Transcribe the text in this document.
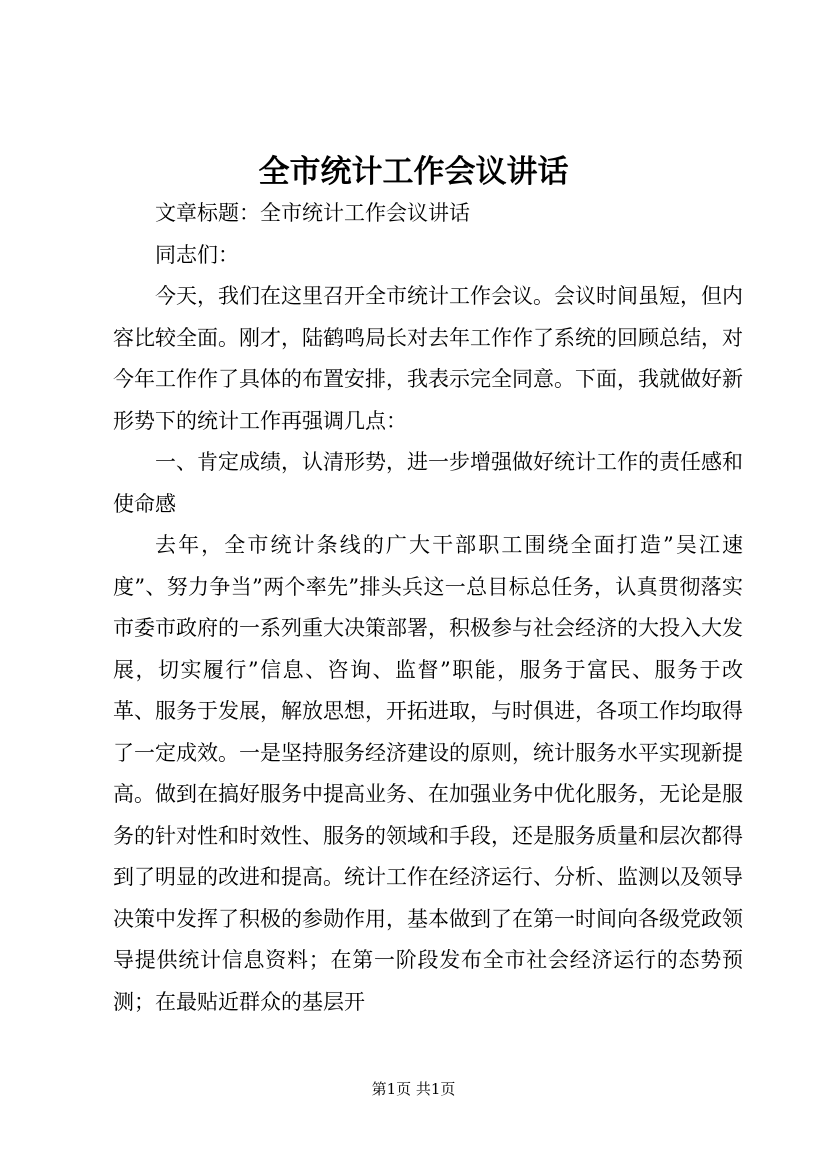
全市统计工作会议讲话

文章标题：全市统计工作会议讲话

同志们：

今天，我们在这里召开全市统计工作会议。会议时间虽短，但内容比较全面。刚才，陆鹤鸣局长对去年工作作了系统的回顾总结，对今年工作作了具体的布置安排，我表示完全同意。下面，我就做好新形势下的统计工作再强调几点：

一、肯定成绩，认清形势，进一步增强做好统计工作的责任感和使命感

去年，全市统计条线的广大干部职工围绕全面打造”吴江速度”、努力争当”两个率先”排头兵这一总目标总任务，认真贯彻落实市委市政府的一系列重大决策部署，积极参与社会经济的大投入大发展，切实履行”信息、咨询、监督”职能，服务于富民、服务于改革、服务于发展，解放思想，开拓进取，与时俱进，各项工作均取得了一定成效。一是坚持服务经济建设的原则，统计服务水平实现新提高。做到在搞好服务中提高业务、在加强业务中优化服务，无论是服务的针对性和时效性、服务的领域和手段，还是服务质量和层次都得到了明显的改进和提高。统计工作在经济运行、分析、监测以及领导决策中发挥了积极的参勋作用，基本做到了在第一时间向各级党政领导提供统计信息资料；在第一阶段发布全市社会经济运行的态势预测；在最贴近群众的基层开

第1页 共1页
